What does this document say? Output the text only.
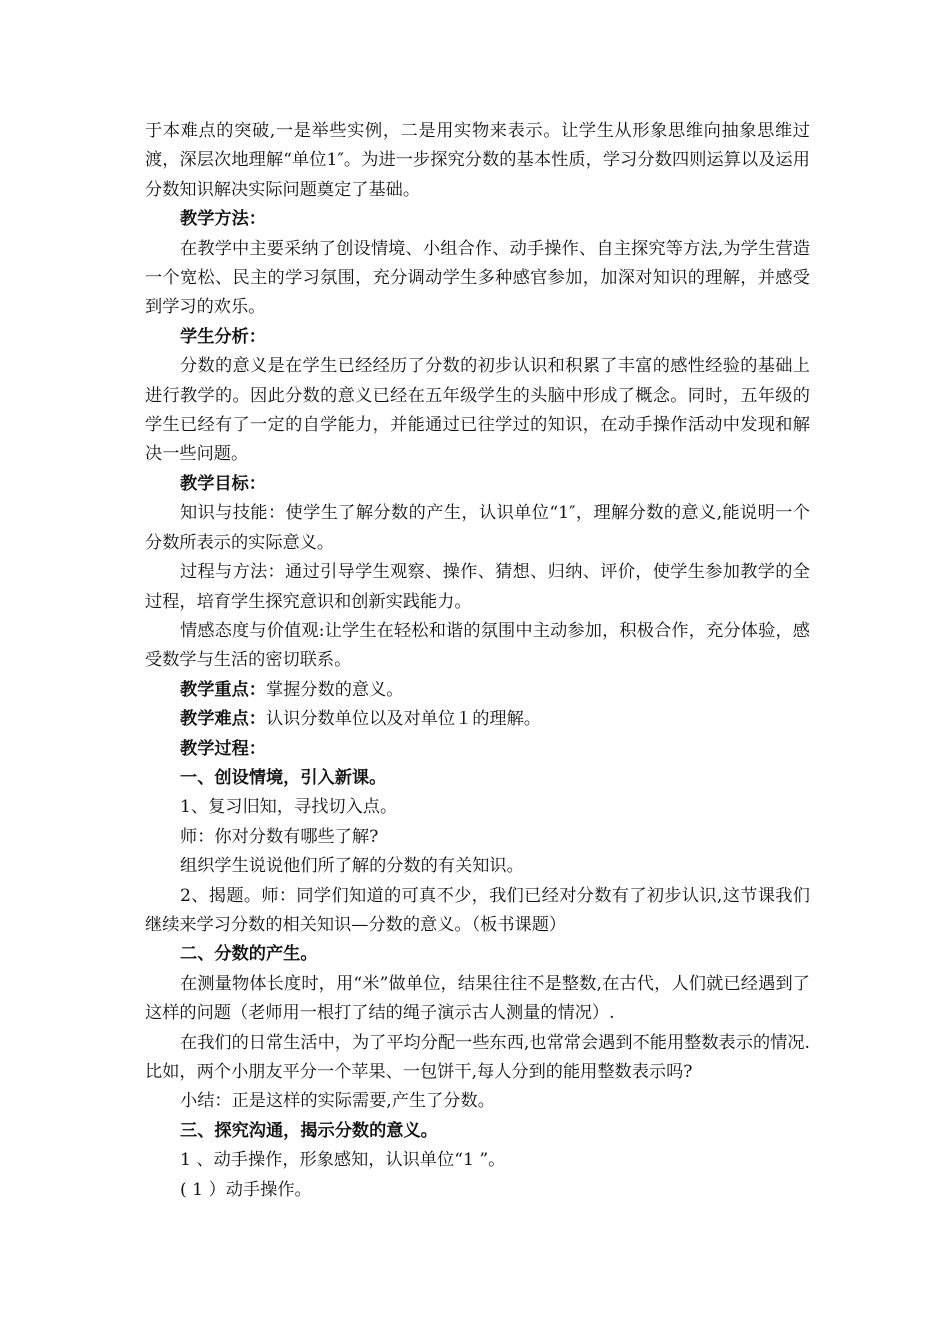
于本难点的突破,一是举些实例，二是用实物来表示。让学生从形象思维向抽象思维过渡，深层次地理解“单位1″。为进一步探究分数的基本性质，学习分数四则运算以及运用分数知识解决实际问题奠定了基础。

教学方法：

在教学中主要采纳了创设情境、小组合作、动手操作、自主探究等方法,为学生营造一个宽松、民主的学习氛围，充分调动学生多种感官参加，加深对知识的理解，并感受到学习的欢乐。

学生分析：

分数的意义是在学生已经经历了分数的初步认识和积累了丰富的感性经验的基础上进行教学的。因此分数的意义已经在五年级学生的头脑中形成了概念。同时，五年级的学生已经有了一定的自学能力，并能通过已往学过的知识，在动手操作活动中发现和解决一些问题。

教学目标：

知识与技能：使学生了解分数的产生，认识单位“1″，理解分数的意义,能说明一个分数所表示的实际意义。

过程与方法：通过引导学生观察、操作、猜想、归纳、评价，使学生参加教学的全过程，培育学生探究意识和创新实践能力。

情感态度与价值观:让学生在轻松和谐的氛围中主动参加，积极合作，充分体验，感受数学与生活的密切联系。

教学重点：掌握分数的意义。

教学难点：认识分数单位以及对单位１的理解。

教学过程：

一、创设情境，引入新课。

1、复习旧知，寻找切入点。

师：你对分数有哪些了解?

组织学生说说他们所了解的分数的有关知识。

2、揭题。师：同学们知道的可真不少，我们已经对分数有了初步认识,这节课我们继续来学习分数的相关知识—分数的意义。（板书课题）

二、分数的产生。

在测量物体长度时，用“米”做单位，结果往往不是整数,在古代，人们就已经遇到了这样的问题（老师用一根打了结的绳子演示古人测量的情况）.

在我们的日常生活中，为了平均分配一些东西,也常常会遇到不能用整数表示的情况.比如，两个小朋友平分一个苹果、一包饼干,每人分到的能用整数表示吗?

小结：正是这样的实际需要,产生了分数。

三、探究沟通，揭示分数的意义。

1 、动手操作，形象感知，认识单位“1 ”。

( 1 ）动手操作。
